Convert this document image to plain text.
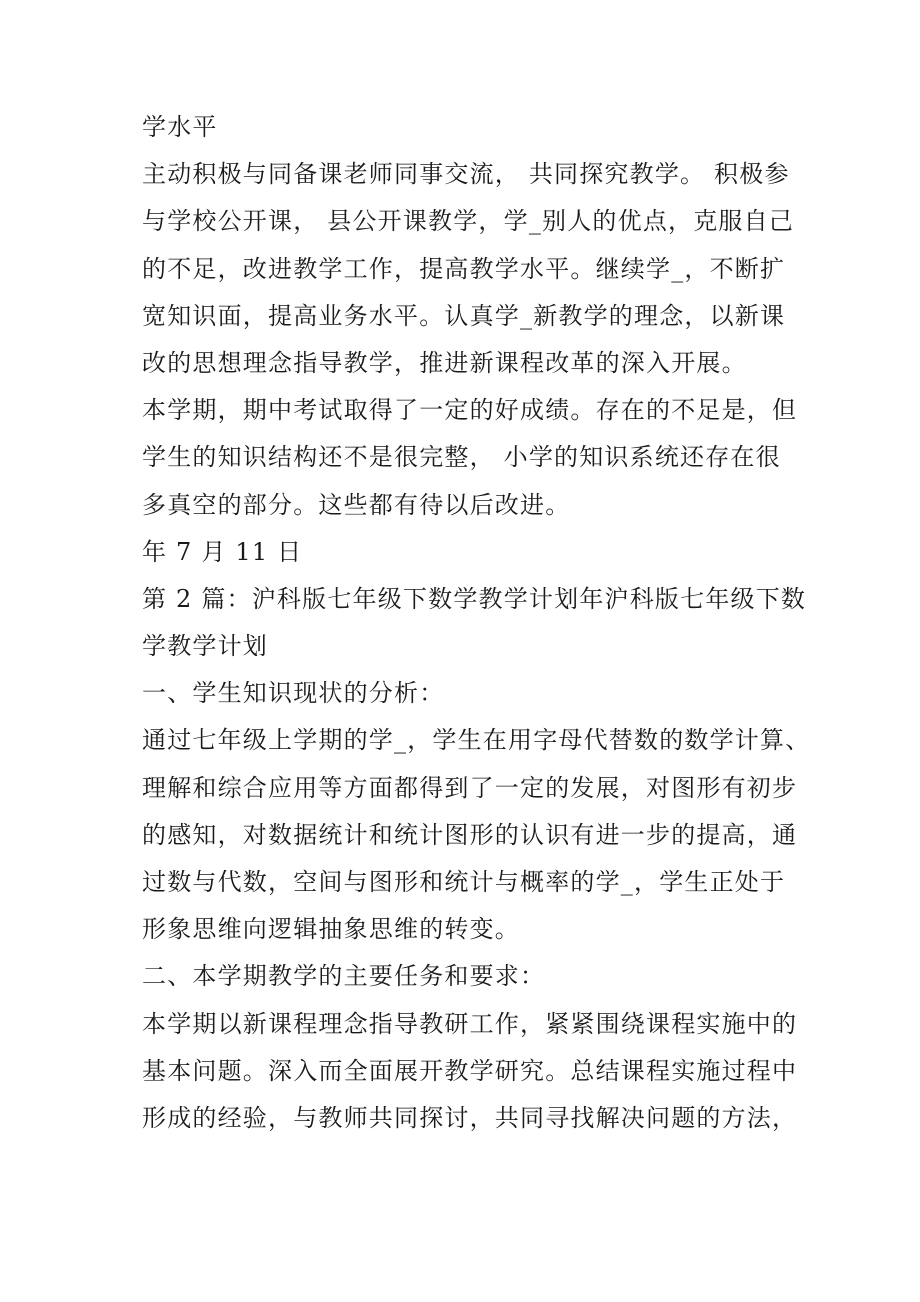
学水平
主动积极与同备课老师同事交流， 共同探究教学。 积极参
与学校公开课， 县公开课教学，学_别人的优点，克服自己
的不足，改进教学工作，提高教学水平。继续学_，不断扩
宽知识面，提高业务水平。认真学_新教学的理念，以新课
改的思想理念指导教学，推进新课程改革的深入开展。
本学期，期中考试取得了一定的好成绩。存在的不足是，但
学生的知识结构还不是很完整， 小学的知识系统还存在很
多真空的部分。这些都有待以后改进。
年 7 月 11 日
第 2 篇：沪科版七年级下数学教学计划年沪科版七年级下数
学教学计划
一、学生知识现状的分析：
通过七年级上学期的学_，学生在用字母代替数的数学计算、
理解和综合应用等方面都得到了一定的发展，对图形有初步
的感知，对数据统计和统计图形的认识有进一步的提高，通
过数与代数，空间与图形和统计与概率的学_，学生正处于
形象思维向逻辑抽象思维的转变。
二、本学期教学的主要任务和要求：
本学期以新课程理念指导教研工作，紧紧围绕课程实施中的
基本问题。深入而全面展开教学研究。总结课程实施过程中
形成的经验，与教师共同探讨，共同寻找解决问题的方法，
